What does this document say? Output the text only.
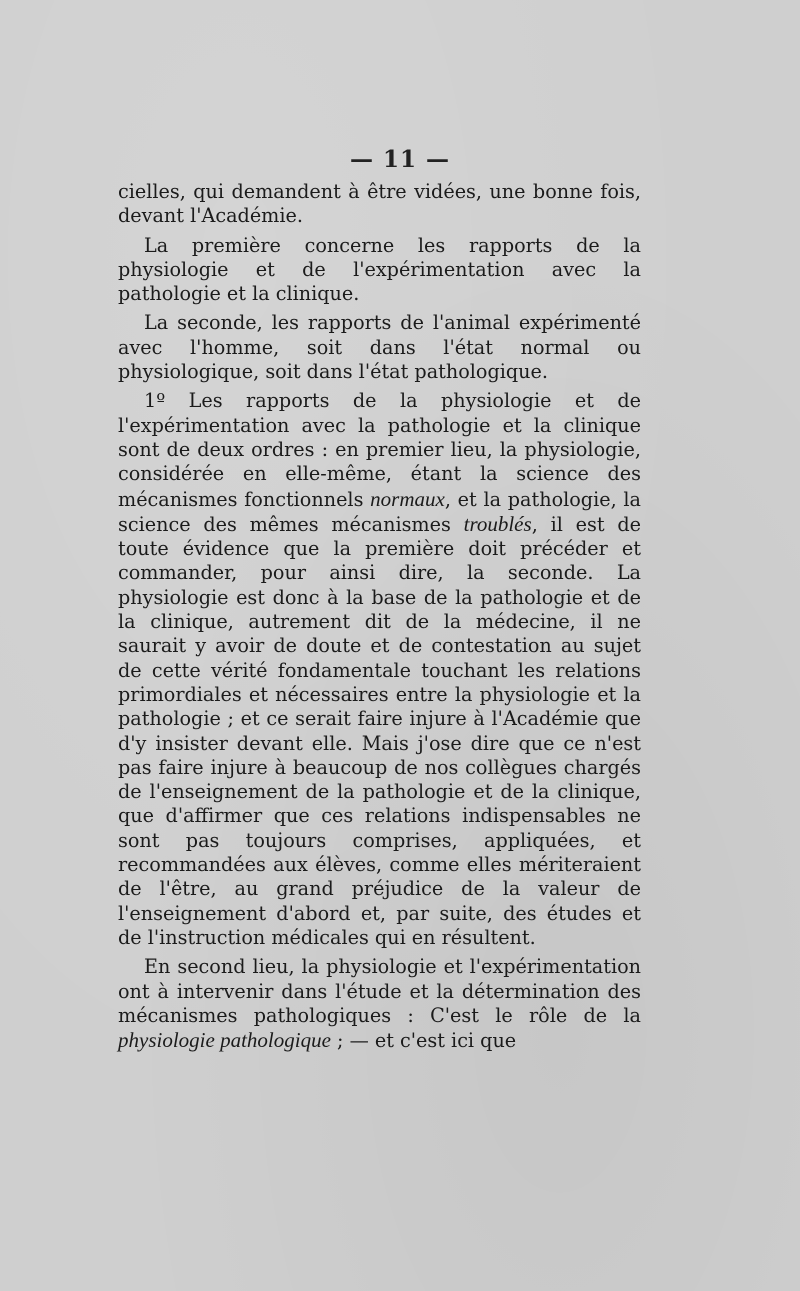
— 11 —

cielles, qui demandent à être vidées, une bonne fois, devant l'Académie.

La première concerne les rapports de la physiologie et de l'expérimentation avec la pathologie et la clinique.

La seconde, les rapports de l'animal expérimenté avec l'homme, soit dans l'état normal ou physiologique, soit dans l'état pathologique.

1º Les rapports de la physiologie et de l'expérimentation avec la pathologie et la clinique sont de deux ordres : en premier lieu, la physiologie, considérée en elle-même, étant la science des mécanismes fonctionnels normaux, et la pathologie, la science des mêmes mécanismes troublés, il est de toute évidence que la première doit précéder et commander, pour ainsi dire, la seconde. La physiologie est donc à la base de la pathologie et de la clinique, autrement dit de la médecine, il ne saurait y avoir de doute et de contestation au sujet de cette vérité fondamentale touchant les relations primordiales et nécessaires entre la physiologie et la pathologie ; et ce serait faire injure à l'Académie que d'y insister devant elle. Mais j'ose dire que ce n'est pas faire injure à beaucoup de nos collègues chargés de l'enseignement de la pathologie et de la clinique, que d'affirmer que ces relations indispensables ne sont pas toujours comprises, appliquées, et recommandées aux élèves, comme elles mériteraient de l'être, au grand préjudice de la valeur de l'enseignement d'abord et, par suite, des études et de l'instruction médicales qui en résultent.

En second lieu, la physiologie et l'expérimentation ont à intervenir dans l'étude et la détermination des mécanismes pathologiques : C'est le rôle de la physiologie pathologique ; — et c'est ici que
